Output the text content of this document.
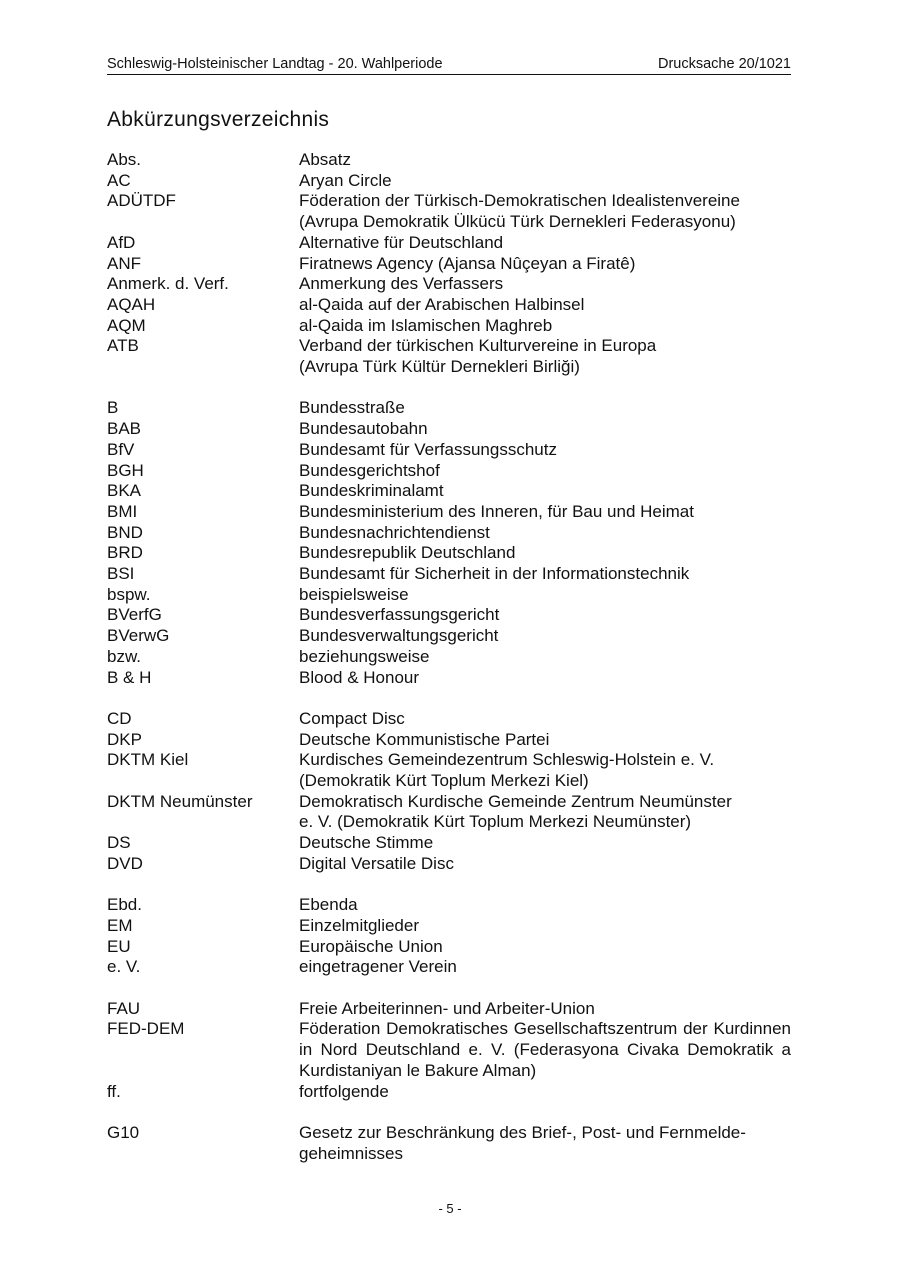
Schleswig-Holsteinischer Landtag - 20. Wahlperiode	Drucksache 20/1021
Abkürzungsverzeichnis
Abs.	Absatz
AC	Aryan Circle
ADÜTDF	Föderation der Türkisch-Demokratischen Idealistenvereine
(Avrupa Demokratik Ülkücü Türk Dernekleri Federasyonu)
AfD	Alternative für Deutschland
ANF	Firatnews Agency (Ajansa Nûçeyan a Firatê)
Anmerk. d. Verf.	Anmerkung des Verfassers
AQAH	al-Qaida auf der Arabischen Halbinsel
AQM	al-Qaida im Islamischen Maghreb
ATB	Verband der türkischen Kulturvereine in Europa
(Avrupa Türk Kültür Dernekleri Birliği)
B	Bundesstraße
BAB	Bundesautobahn
BfV	Bundesamt für Verfassungsschutz
BGH	Bundesgerichtshof
BKA	Bundeskriminalamt
BMI	Bundesministerium des Inneren, für Bau und Heimat
BND	Bundesnachrichtendienst
BRD	Bundesrepublik Deutschland
BSI	Bundesamt für Sicherheit in der Informationstechnik
bspw.	beispielsweise
BVerfG	Bundesverfassungsgericht
BVerwG	Bundesverwaltungsgericht
bzw.	beziehungsweise
B & H	Blood & Honour
CD	Compact Disc
DKP	Deutsche Kommunistische Partei
DKTM Kiel	Kurdisches Gemeindezentrum Schleswig-Holstein e. V.
(Demokratik Kürt Toplum Merkezi Kiel)
DKTM Neumünster	Demokratisch Kurdische Gemeinde Zentrum Neumünster
e. V. (Demokratik Kürt Toplum Merkezi Neumünster)
DS	Deutsche Stimme
DVD	Digital Versatile Disc
Ebd.	Ebenda
EM	Einzelmitglieder
EU	Europäische Union
e. V.	eingetragener Verein
FAU	Freie Arbeiterinnen- und Arbeiter-Union
FED-DEM	Föderation Demokratisches Gesellschaftszentrum der Kurdinnen in Nord Deutschland e. V. (Federasyona Civaka Demokratik a Kurdistaniyan le Bakure Alman)
ff.	fortfolgende
G10	Gesetz zur Beschränkung des Brief-, Post- und Fernmelde-
geheimnisses
- 5 -
